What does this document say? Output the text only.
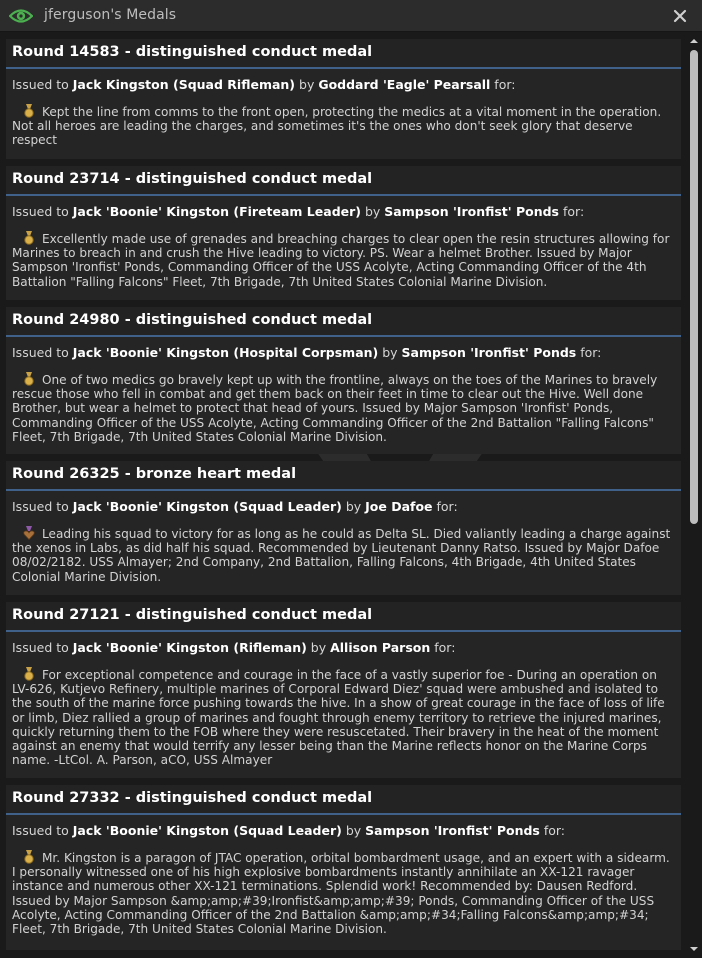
jferguson's Medals
Round 14583 - distinguished conduct medal
Issued to Jack Kingston (Squad Rifleman) by Goddard 'Eagle' Pearsall for:
Kept the line from comms to the front open, protecting the medics at a vital moment in the operation. Not all heroes are leading the charges, and sometimes it's the ones who don't seek glory that deserve respect
Round 23714 - distinguished conduct medal
Issued to Jack 'Boonie' Kingston (Fireteam Leader) by Sampson 'Ironfist' Ponds for:
Excellently made use of grenades and breaching charges to clear open the resin structures allowing for Marines to breach in and crush the Hive leading to victory. PS. Wear a helmet Brother. Issued by Major Sampson 'Ironfist' Ponds, Commanding Officer of the USS Acolyte, Acting Commanding Officer of the 4th Battalion "Falling Falcons" Fleet, 7th Brigade, 7th United States Colonial Marine Division.
Round 24980 - distinguished conduct medal
Issued to Jack 'Boonie' Kingston (Hospital Corpsman) by Sampson 'Ironfist' Ponds for:
One of two medics go bravely kept up with the frontline, always on the toes of the Marines to bravely rescue those who fell in combat and get them back on their feet in time to clear out the Hive. Well done Brother, but wear a helmet to protect that head of yours. Issued by Major Sampson 'Ironfist' Ponds, Commanding Officer of the USS Acolyte, Acting Commanding Officer of the 2nd Battalion "Falling Falcons" Fleet, 7th Brigade, 7th United States Colonial Marine Division.
Round 26325 - bronze heart medal
Issued to Jack 'Boonie' Kingston (Squad Leader) by Joe Dafoe for:
Leading his squad to victory for as long as he could as Delta SL. Died valiantly leading a charge against the xenos in Labs, as did half his squad. Recommended by Lieutenant Danny Ratso. Issued by Major Dafoe 08/02/2182. USS Almayer; 2nd Company, 2nd Battalion, Falling Falcons, 4th Brigade, 4th United States Colonial Marine Division.
Round 27121 - distinguished conduct medal
Issued to Jack 'Boonie' Kingston (Rifleman) by Allison Parson for:
For exceptional competence and courage in the face of a vastly superior foe - During an operation on LV-626, Kutjevo Refinery, multiple marines of Corporal Edward Diez' squad were ambushed and isolated to the south of the marine force pushing towards the hive. In a show of great courage in the face of loss of life or limb, Diez rallied a group of marines and fought through enemy territory to retrieve the injured marines, quickly returning them to the FOB where they were resuscetated. Their bravery in the heat of the moment against an enemy that would terrify any lesser being than the Marine reflects honor on the Marine Corps name. -LtCol. A. Parson, aCO, USS Almayer
Round 27332 - distinguished conduct medal
Issued to Jack 'Boonie' Kingston (Squad Leader) by Sampson 'Ironfist' Ponds for:
Mr. Kingston is a paragon of JTAC operation, orbital bombardment usage, and an expert with a sidearm. I personally witnessed one of his high explosive bombardments instantly annihilate an XX-121 ravager instance and numerous other XX-121 terminations. Splendid work! Recommended by: Dausen Redford. Issued by Major Sampson &amp;amp;#39;Ironfist&amp;amp;#39; Ponds, Commanding Officer of the USS Acolyte, Acting Commanding Officer of the 2nd Battalion &amp;amp;#34;Falling Falcons&amp;amp;#34; Fleet, 7th Brigade, 7th United States Colonial Marine Division.
